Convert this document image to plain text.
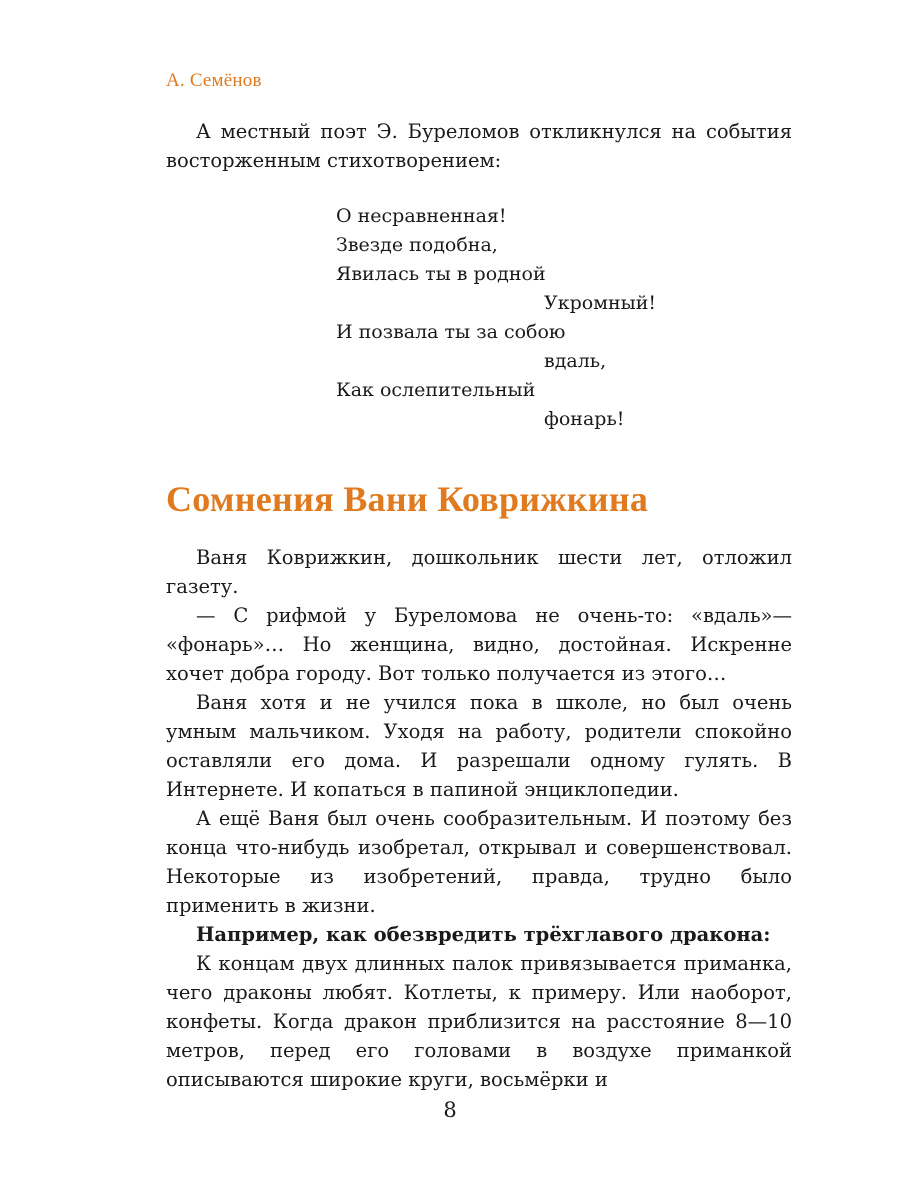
А. Семёнов

А местный поэт Э. Буреломов откликнулся на события восторженным стихотворением:

О несравненная!
Звезде подобна,
Явилась ты в родной
Укромный!
И позвала ты за собою
вдаль,
Как ослепительный
фонарь!
Сомнения Вани Коврижкина

Ваня Коврижкин, дошкольник шести лет, отложил газету.

— С рифмой у Буреломова не очень-то: «вдаль»— «фонарь»… Но женщина, видно, достойная. Искренне хочет добра городу. Вот только получается из этого…

Ваня хотя и не учился пока в школе, но был очень умным мальчиком. Уходя на работу, родители спокойно оставляли его дома. И разрешали одному гулять. В Интернете. И копаться в папиной энциклопедии.

А ещё Ваня был очень сообразительным. И поэтому без конца что-нибудь изобретал, открывал и совершенствовал. Некоторые из изобретений, правда, трудно было применить в жизни.

Например, как обезвредить трёхглавого дракона:

К концам двух длинных палок привязывается приманка, чего драконы любят. Котлеты, к примеру. Или наоборот, конфеты. Когда дракон приблизится на расстояние 8—10 метров, перед его головами в воздухе приманкой описываются широкие круги, восьмёрки и

8
